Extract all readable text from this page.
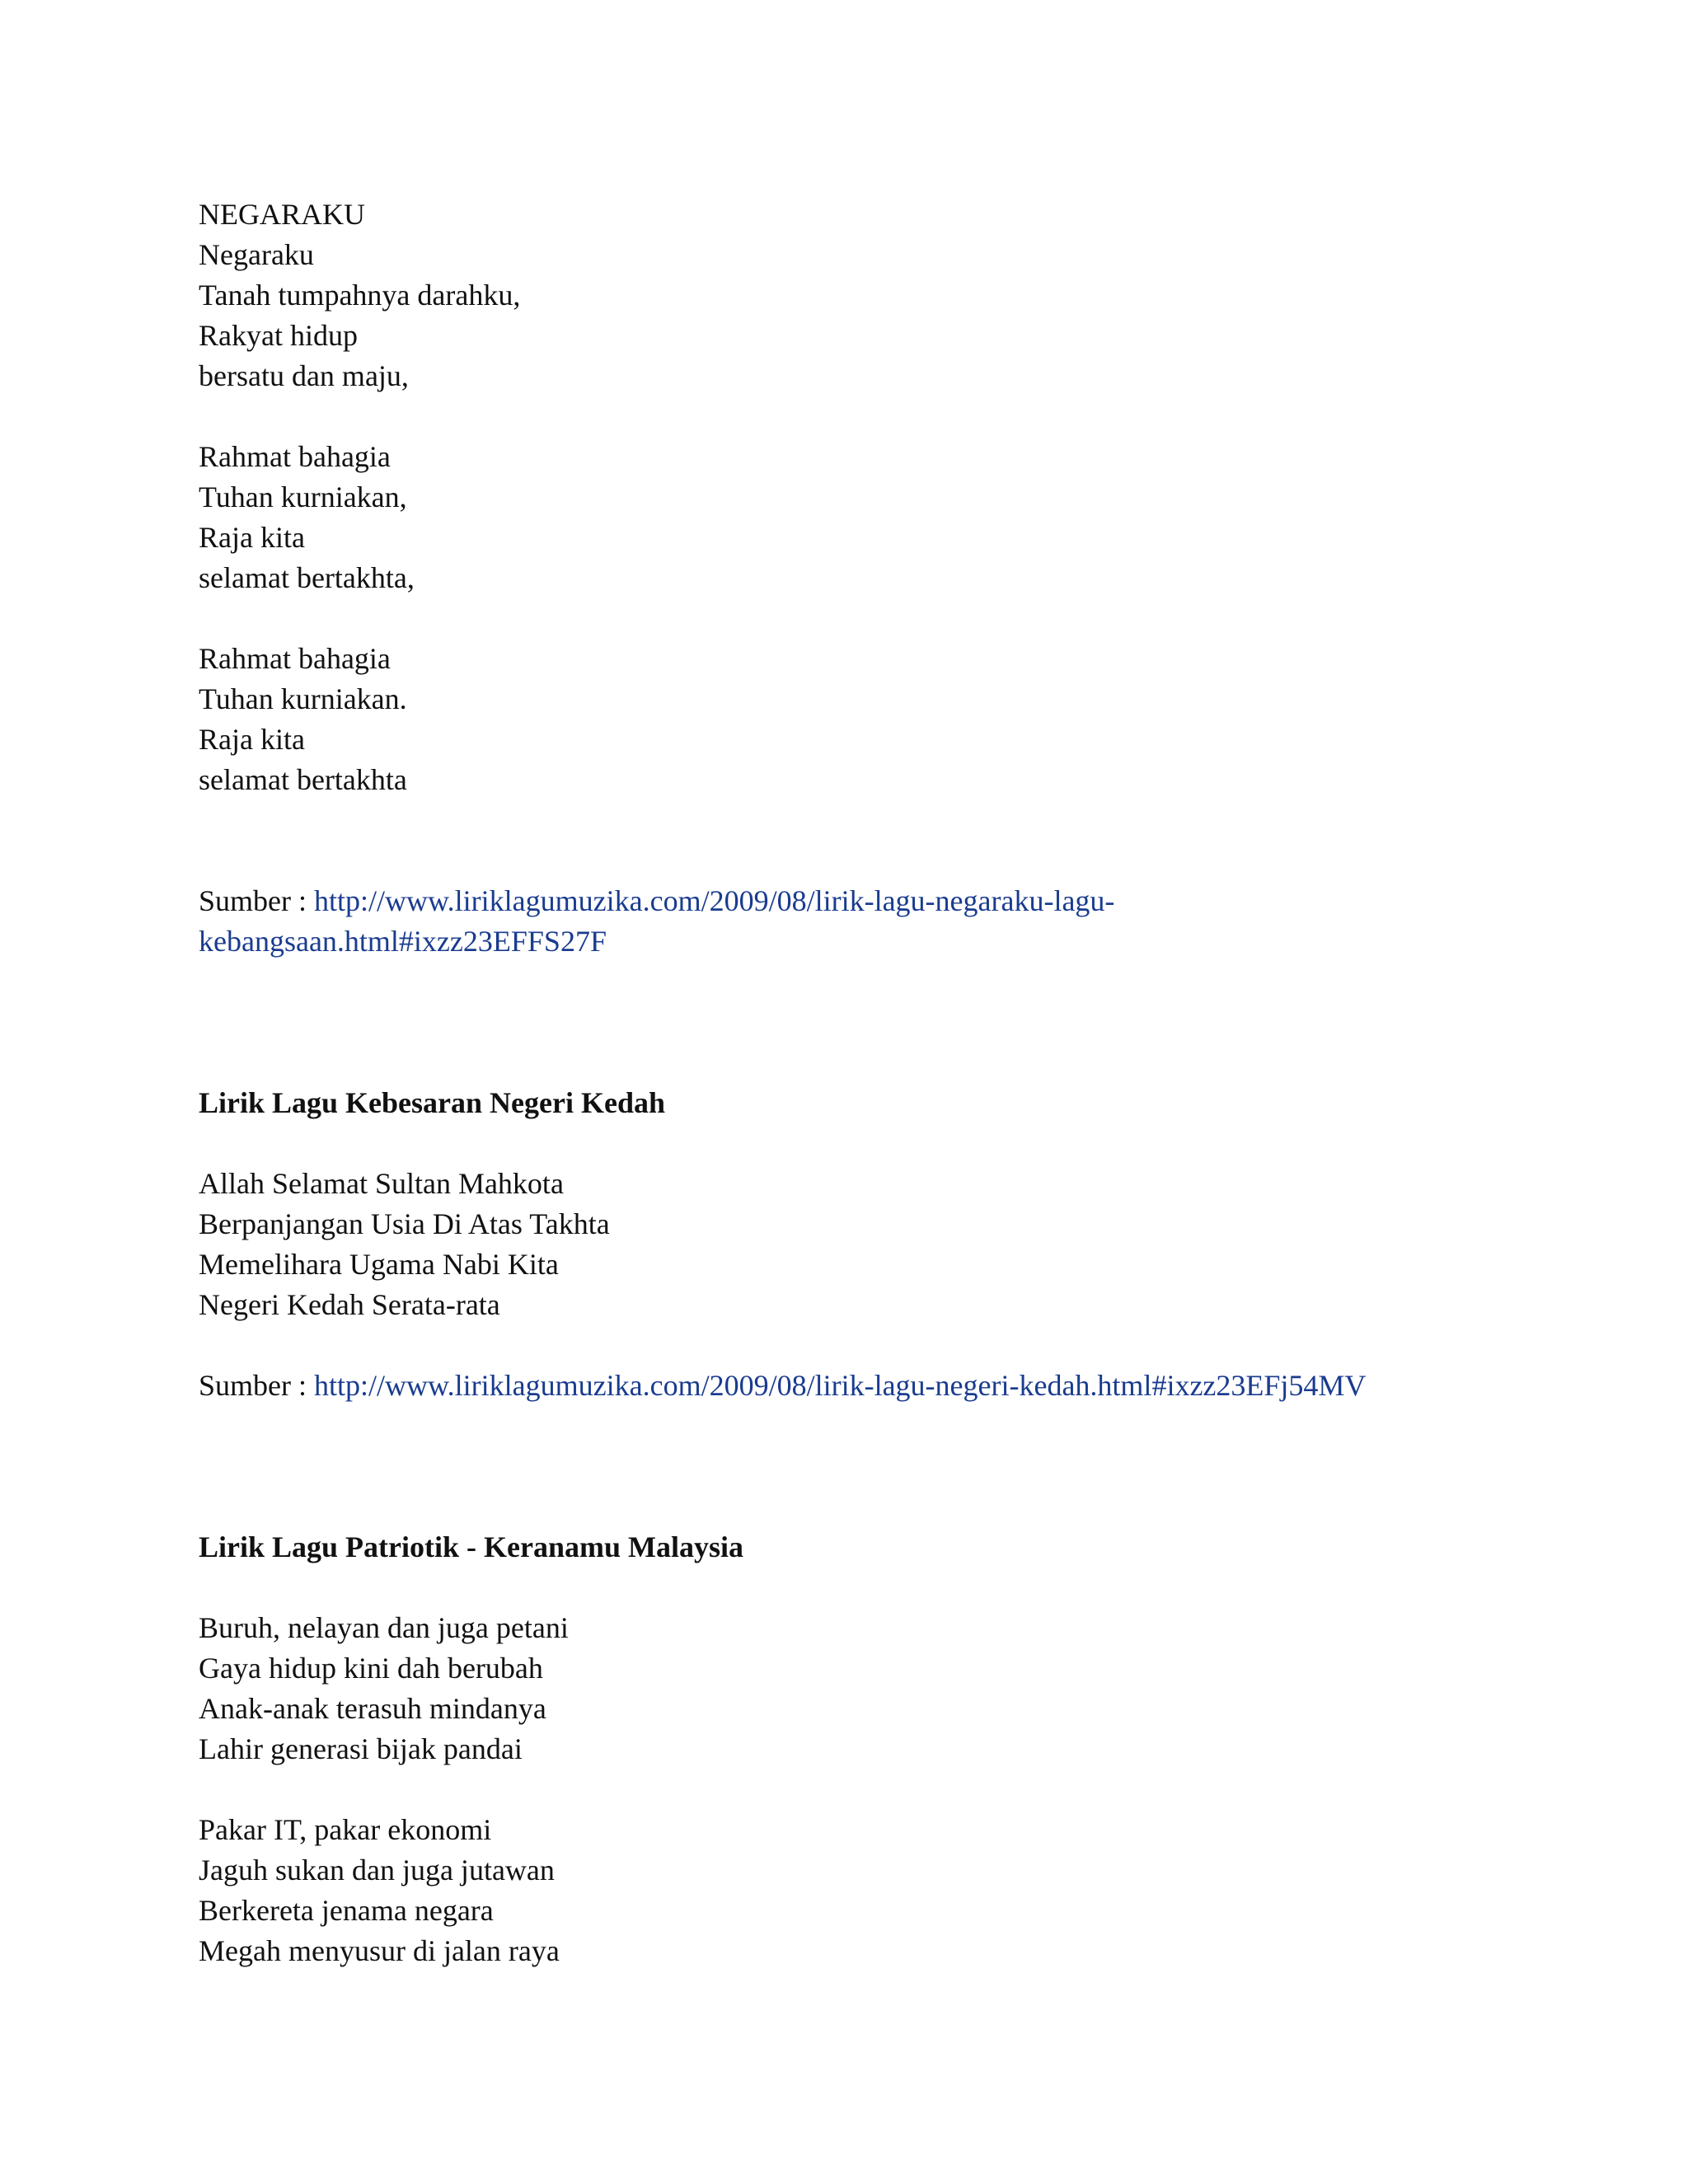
NEGARAKU
Negaraku
Tanah tumpahnya darahku,
Rakyat hidup
bersatu dan maju,
Rahmat bahagia
Tuhan kurniakan,
Raja kita
selamat bertakhta,
Rahmat bahagia
Tuhan kurniakan.
Raja kita
selamat bertakhta
Sumber : http://www.liriklagumuzika.com/2009/08/lirik-lagu-negaraku-lagu-
kebangsaan.html#ixzz23EFFS27F
Lirik Lagu Kebesaran Negeri Kedah
Allah Selamat Sultan Mahkota
Berpanjangan Usia Di Atas Takhta
Memelihara Ugama Nabi Kita
Negeri Kedah Serata-rata
Sumber : http://www.liriklagumuzika.com/2009/08/lirik-lagu-negeri-kedah.html#ixzz23EFj54MV
Lirik Lagu Patriotik - Keranamu Malaysia
Buruh, nelayan dan juga petani
Gaya hidup kini dah berubah
Anak-anak terasuh mindanya
Lahir generasi bijak pandai
Pakar IT, pakar ekonomi
Jaguh sukan dan juga jutawan
Berkereta jenama negara
Megah menyusur di jalan raya
